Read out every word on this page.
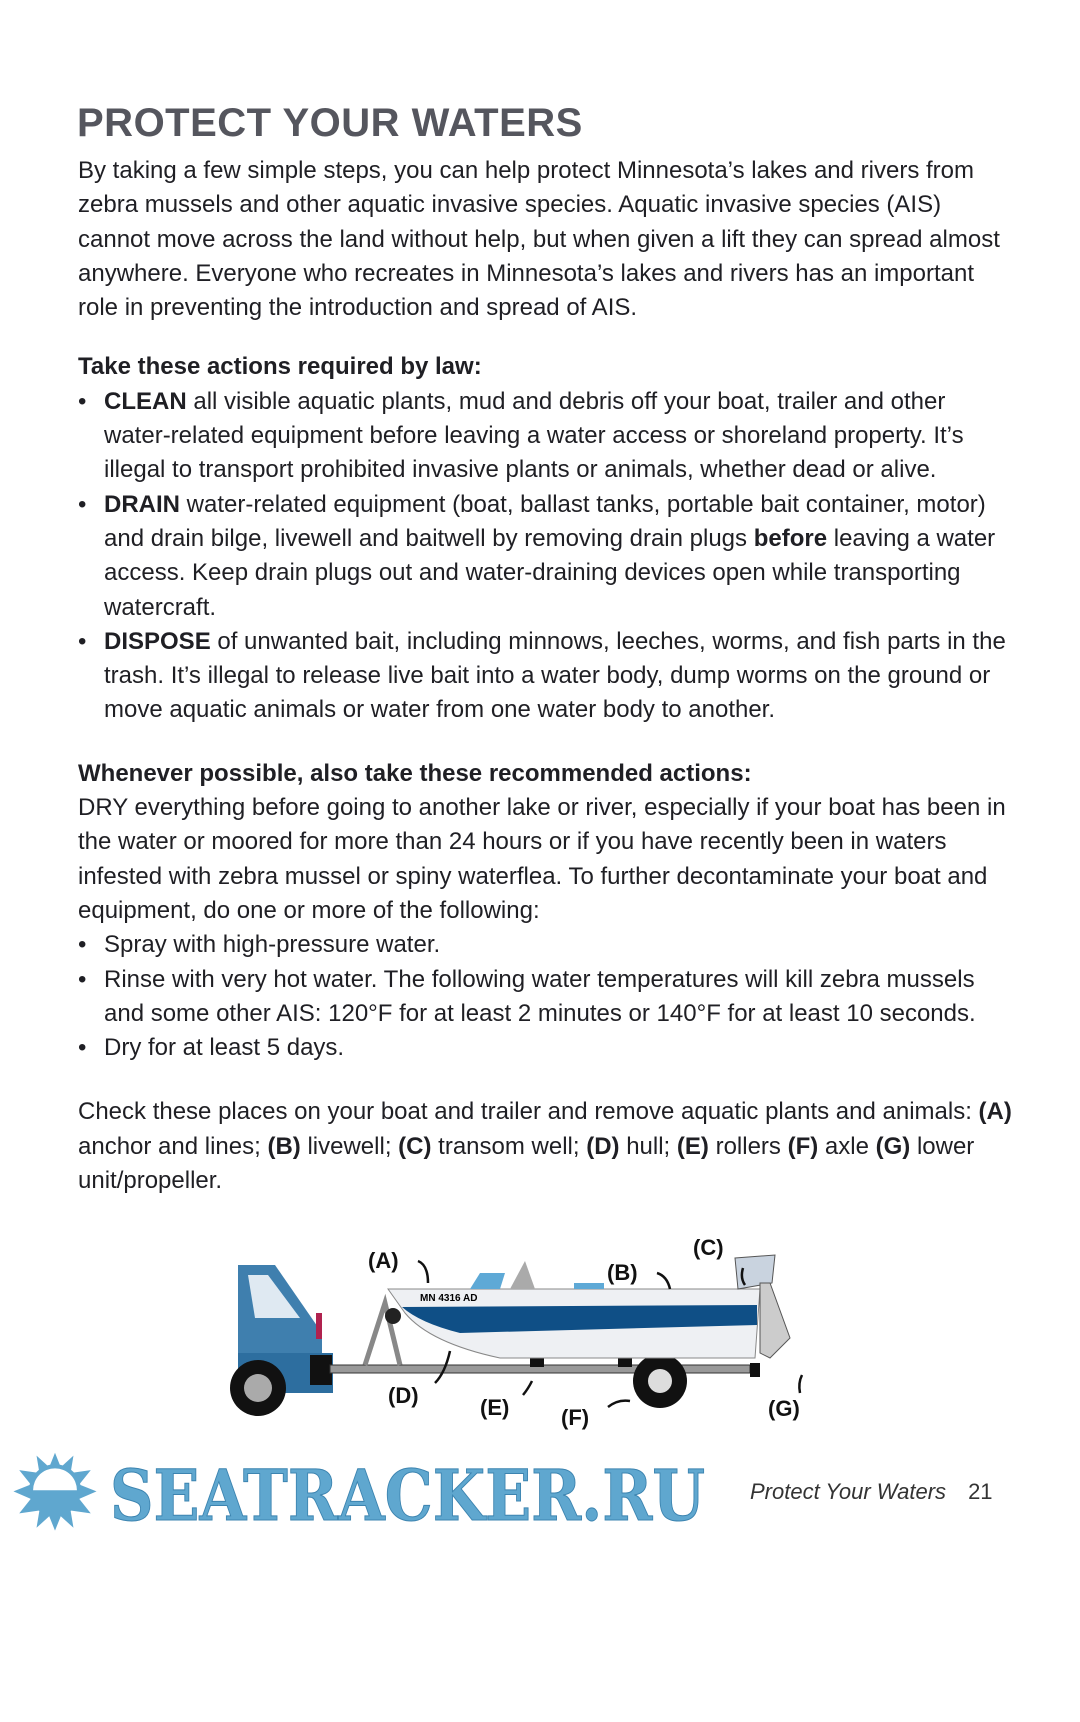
PROTECT YOUR WATERS

By taking a few simple steps, you can help protect Minnesota’s lakes and rivers from zebra mussels and other aquatic invasive species. Aquatic invasive species (AIS) cannot move across the land without help, but when given a lift they can spread almost anywhere. Everyone who recreates in Minnesota’s lakes and rivers has an important role in preventing the introduction and spread of AIS.

Take these actions required by law:

• CLEAN all visible aquatic plants, mud and debris off your boat, trailer and other water-related equipment before leaving a water access or shoreland property. It’s illegal to transport prohibited invasive plants or animals, whether dead or alive.
• DRAIN water-related equipment (boat, ballast tanks, portable bait container, motor) and drain bilge, livewell and baitwell by removing drain plugs before leaving a water access. Keep drain plugs out and water-draining devices open while transporting watercraft.
• DISPOSE of unwanted bait, including minnows, leeches, worms, and fish parts in the trash. It’s illegal to release live bait into a water body, dump worms on the ground or move aquatic animals or water from one water body to another.

Whenever possible, also take these recommended actions:

DRY everything before going to another lake or river, especially if your boat has been in the water or moored for more than 24 hours or if you have recently been in waters infested with zebra mussel or spiny waterflea. To further decontaminate your boat and equipment, do one or more of the following:

• Spray with high-pressure water.
• Rinse with very hot water. The following water temperatures will kill zebra mussels and some other AIS: 120°F for at least 2 minutes or 140°F for at least 10 seconds.
• Dry for at least 5 days.

Check these places on your boat and trailer and remove aquatic plants and animals: (A) anchor and lines; (B) livewell; (C) transom well; (D) hull; (E) rollers (F) axle (G) lower unit/propeller.

MN 4316 AD
(A)	(B)
(C)
(D)	(E) (F)	(G)
SEATRACKER.RU Protect Your Waters 21
